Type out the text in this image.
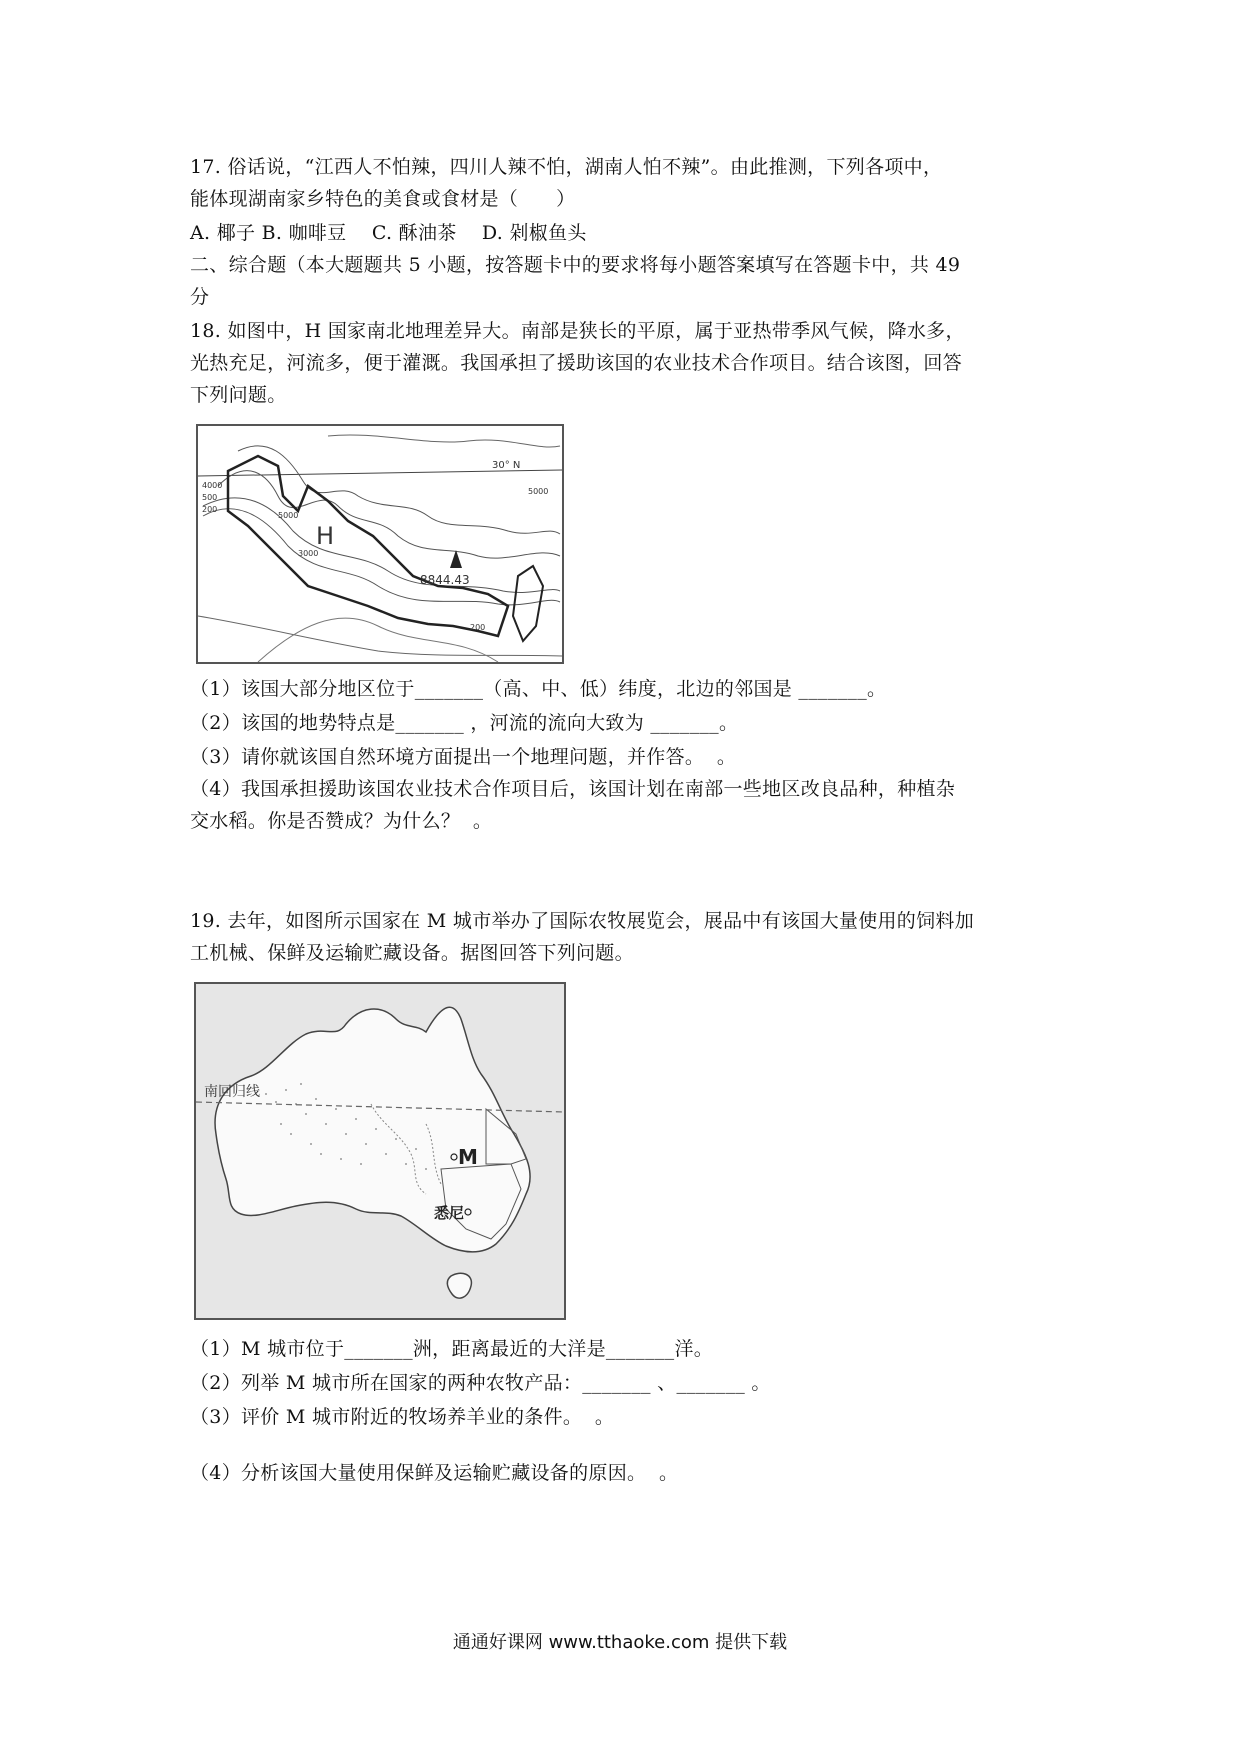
17. 俗话说，“江西人不怕辣，四川人辣不怕，湖南人怕不辣”。由此推测，下列各项中，
能体现湖南家乡特色的美食或食材是（      ）
A. 椰子 B. 咖啡豆    C. 酥油茶    D. 剁椒鱼头
二、综合题（本大题题共 5 小题，按答题卡中的要求将每小题答案填写在答题卡中，共 49
分
18. 如图中，H 国家南北地理差异大。南部是狭长的平原，属于亚热带季风气候，降水多，
光热充足，河流多，便于灌溉。我国承担了援助该国的农业技术合作项目。结合该图，回答
下列问题。
30° N
H
8844.43
4000
500
200
5000
3000
5000
200
（1）该国大部分地区位于_______（高、中、低）纬度，北边的邻国是 _______。
（2）该国的地势特点是_______ ，河流的流向大致为 _______。
（3）请你就该国自然环境方面提出一个地理问题，并作答。  。
（4）我国承担援助该国农业技术合作项目后，该国计划在南部一些地区改良品种，种植杂
交水稻。你是否赞成？为什么？  。
19. 去年，如图所示国家在 M 城市举办了国际农牧展览会，展品中有该国大量使用的饲料加
工机械、保鲜及运输贮藏设备。据图回答下列问题。
南回归线
M
悉尼
（1）M 城市位于_______洲，距离最近的大洋是_______洋。
（2）列举 M 城市所在国家的两种农牧产品：_______ 、_______ 。
（3）评价 M 城市附近的牧场养羊业的条件。  。
（4）分析该国大量使用保鲜及运输贮藏设备的原因。  。
通通好课网 www.tthaoke.com 提供下载
